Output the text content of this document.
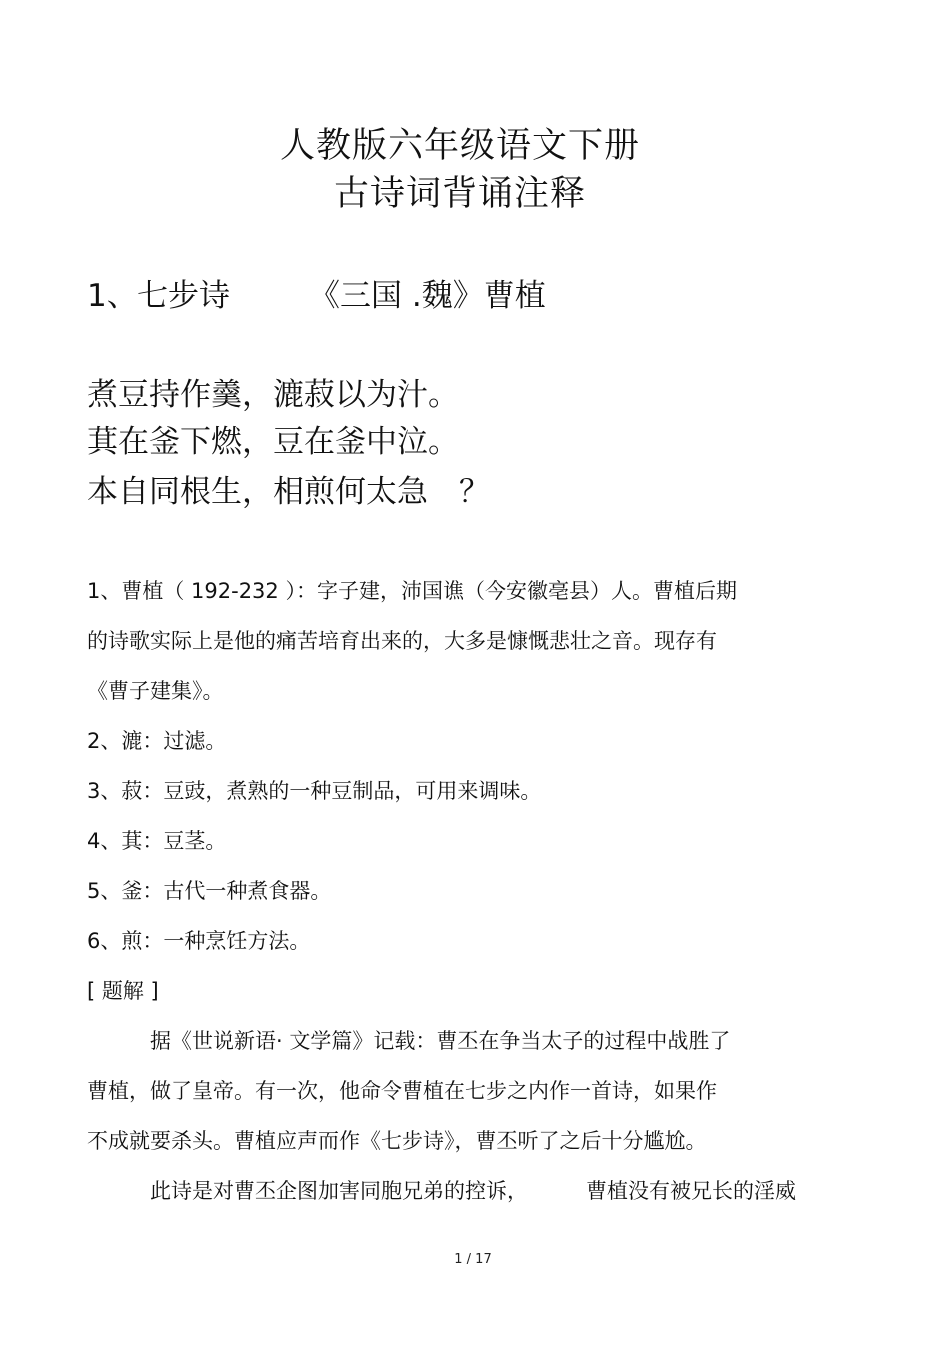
人教版六年级语文下册
古诗词背诵注释
1、七步诗	《三国 .魏》曹植
煮豆持作羹，漉菽以为汁。
萁在釜下燃，豆在釜中泣。
本自同根生，相煎何太急　？
1、曹植（ 192-232 ）：字子建，沛国谯（今安徽亳县）人。曹植后期
的诗歌实际上是他的痛苦培育出来的，大多是慷慨悲壮之音。现存有
《曹子建集》。
2、漉：过滤。
3、菽：豆豉，煮熟的一种豆制品，可用来调味。
4、萁：豆茎。
5、釜：古代一种煮食器。
6、煎：一种烹饪方法。
[ 题解 ]
据《世说新语· 文学篇》记载：曹丕在争当太子的过程中战胜了
曹植，做了皇帝。有一次，他命令曹植在七步之内作一首诗，如果作
不成就要杀头。曹植应声而作《七步诗》，曹丕听了之后十分尴尬。
此诗是对曹丕企图加害同胞兄弟的控诉，	曹植没有被兄长的淫威
1 / 17
